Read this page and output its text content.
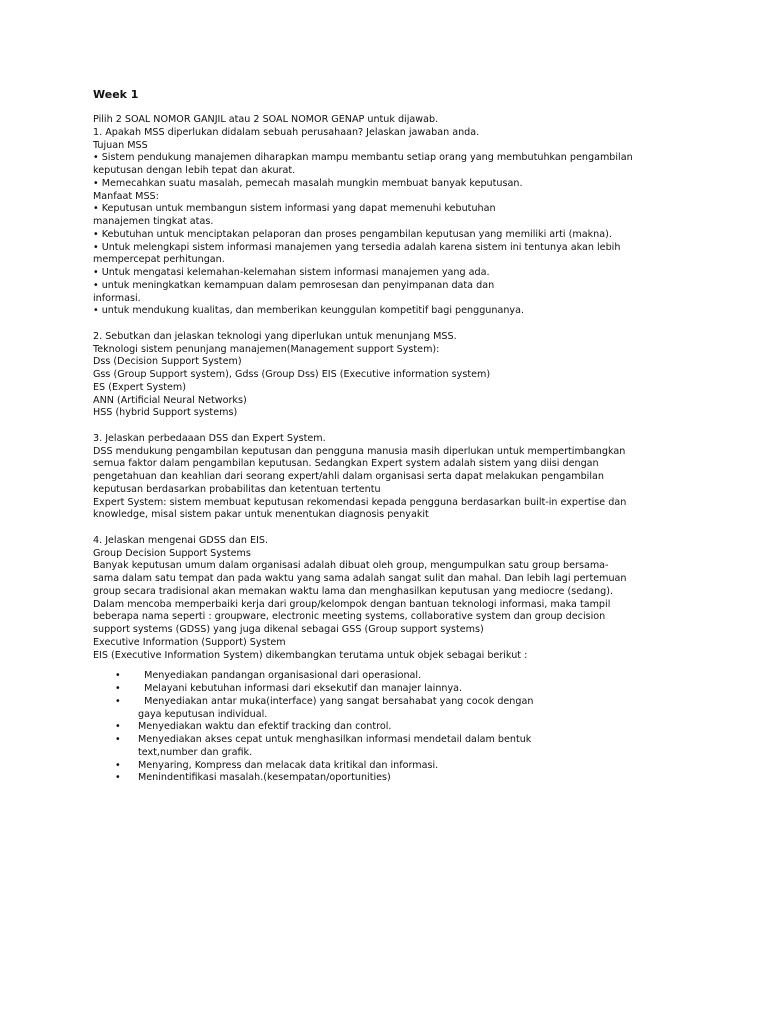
Week 1
Pilih 2 SOAL NOMOR GANJIL atau 2 SOAL NOMOR GENAP untuk dijawab.
1. Apakah MSS diperlukan didalam sebuah perusahaan? Jelaskan jawaban anda.
Tujuan MSS
• Sistem pendukung manajemen diharapkan mampu membantu setiap orang yang membutuhkan pengambilan
keputusan dengan lebih tepat dan akurat.
• Memecahkan suatu masalah, pemecah masalah mungkin membuat banyak keputusan.
Manfaat MSS:
• Keputusan untuk membangun sistem informasi yang dapat memenuhi kebutuhan
manajemen tingkat atas.
• Kebutuhan untuk menciptakan pelaporan dan proses pengambilan keputusan yang memiliki arti (makna).
• Untuk melengkapi sistem informasi manajemen yang tersedia adalah karena sistem ini tentunya akan lebih
mempercepat perhitungan.
• Untuk mengatasi kelemahan-kelemahan sistem informasi manajemen yang ada.
• untuk meningkatkan kemampuan dalam pemrosesan dan penyimpanan data dan
informasi.
• untuk mendukung kualitas, dan memberikan keunggulan kompetitif bagi penggunanya.
2. Sebutkan dan jelaskan teknologi yang diperlukan untuk menunjang MSS.
Teknologi sistem penunjang manajemen(Management support System):
Dss (Decision Support System)
Gss (Group Support system), Gdss (Group Dss) EIS (Executive information system)
ES (Expert System)
ANN (Artificial Neural Networks)
HSS (hybrid Support systems)
3. Jelaskan perbedaaan DSS dan Expert System.
DSS mendukung pengambilan keputusan dan pengguna manusia masih diperlukan untuk mempertimbangkan
semua faktor dalam pengambilan keputusan. Sedangkan Expert system adalah sistem yang diisi dengan
pengetahuan dan keahlian dari seorang expert/ahli dalam organisasi serta dapat melakukan pengambilan
keputusan berdasarkan probabilitas dan ketentuan tertentu
Expert System: sistem membuat keputusan rekomendasi kepada pengguna berdasarkan built-in expertise dan
knowledge, misal sistem pakar untuk menentukan diagnosis penyakit
4. Jelaskan mengenai GDSS dan EIS.
Group Decision Support Systems
Banyak keputusan umum dalam organisasi adalah dibuat oleh group, mengumpulkan satu group bersama-
sama dalam satu tempat dan pada waktu yang sama adalah sangat sulit dan mahal. Dan lebih lagi pertemuan
group secara tradisional akan memakan waktu lama dan menghasilkan keputusan yang mediocre (sedang).
Dalam mencoba memperbaiki kerja dari group/kelompok dengan bantuan teknologi informasi, maka tampil
beberapa nama seperti : groupware, electronic meeting systems, collaborative system dan group decision
support systems (GDSS) yang juga dikenal sebagai GSS (Group support systems)
Executive Information (Support) System
EIS (Executive Information System) dikembangkan terutama untuk objek sebagai berikut :
• Menyediakan pandangan organisasional dari operasional.
• Melayani kebutuhan informasi dari eksekutif dan manajer lainnya.
• Menyediakan antar muka(interface) yang sangat bersahabat yang cocok dengan
gaya keputusan individual.
• Menyediakan waktu dan efektif tracking dan control.
• Menyediakan akses cepat untuk menghasilkan informasi mendetail dalam bentuk
text,number dan grafik.
• Menyaring, Kompress dan melacak data kritikal dan informasi.
• Menindentifikasi masalah.(kesempatan/oportunities)
